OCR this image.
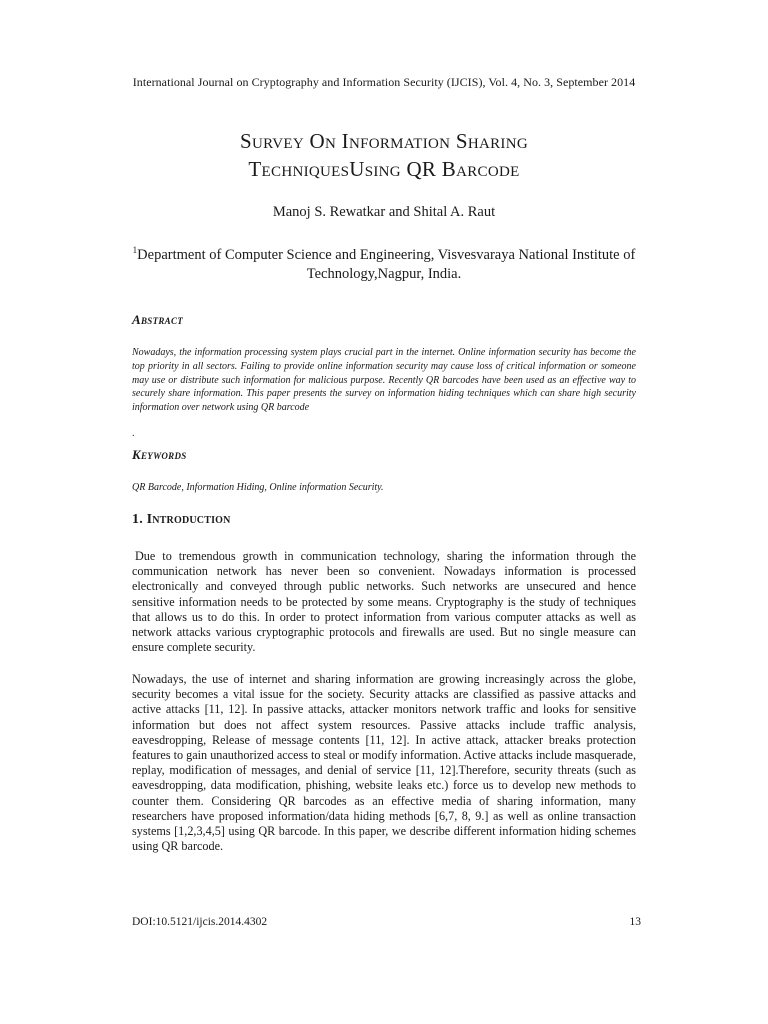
International Journal on Cryptography and Information Security (IJCIS), Vol. 4, No. 3, September 2014
Survey On Information Sharing
TechniquesUsing QR Barcode
Manoj S. Rewatkar and Shital A. Raut
$^1$Department of Computer Science and Engineering, Visvesvaraya National Institute of Technology,Nagpur, India.
Abstract
Nowadays, the information processing system plays crucial part in the internet. Online information security has become the top priority in all sectors. Failing to provide online information security may cause loss of critical information or someone may use or distribute such information for malicious purpose. Recently QR barcodes have been used as an effective way to securely share information. This paper presents the survey on information hiding techniques which can share high security information over network using QR barcode
.
Keywords
QR Barcode, Information Hiding, Online information Security.
1. Introduction
Due to tremendous growth in communication technology, sharing the information through the communication network has never been so convenient. Nowadays information is processed electronically and conveyed through public networks. Such networks are unsecured and hence sensitive information needs to be protected by some means. Cryptography is the study of techniques that allows us to do this. In order to protect information from various computer attacks as well as network attacks various cryptographic protocols and firewalls are used. But no single measure can ensure complete security.
Nowadays, the use of internet and sharing information are growing increasingly across the globe, security becomes a vital issue for the society. Security attacks are classified as passive attacks and active attacks [11, 12]. In passive attacks, attacker monitors network traffic and looks for sensitive information but does not affect system resources. Passive attacks include traffic analysis, eavesdropping, Release of message contents [11, 12]. In active attack, attacker breaks protection features to gain unauthorized access to steal or modify information. Active attacks include masquerade, replay, modification of messages, and denial of service [11, 12].Therefore, security threats (such as eavesdropping, data modification, phishing, website leaks etc.) force us to develop new methods to counter them. Considering QR barcodes as an effective media of sharing information, many researchers have proposed information/data hiding methods [6,7, 8, 9.] as well as online transaction systems [1,2,3,4,5] using QR barcode. In this paper, we describe different information hiding schemes using QR barcode.
DOI:10.5121/ijcis.2014.4302	13
